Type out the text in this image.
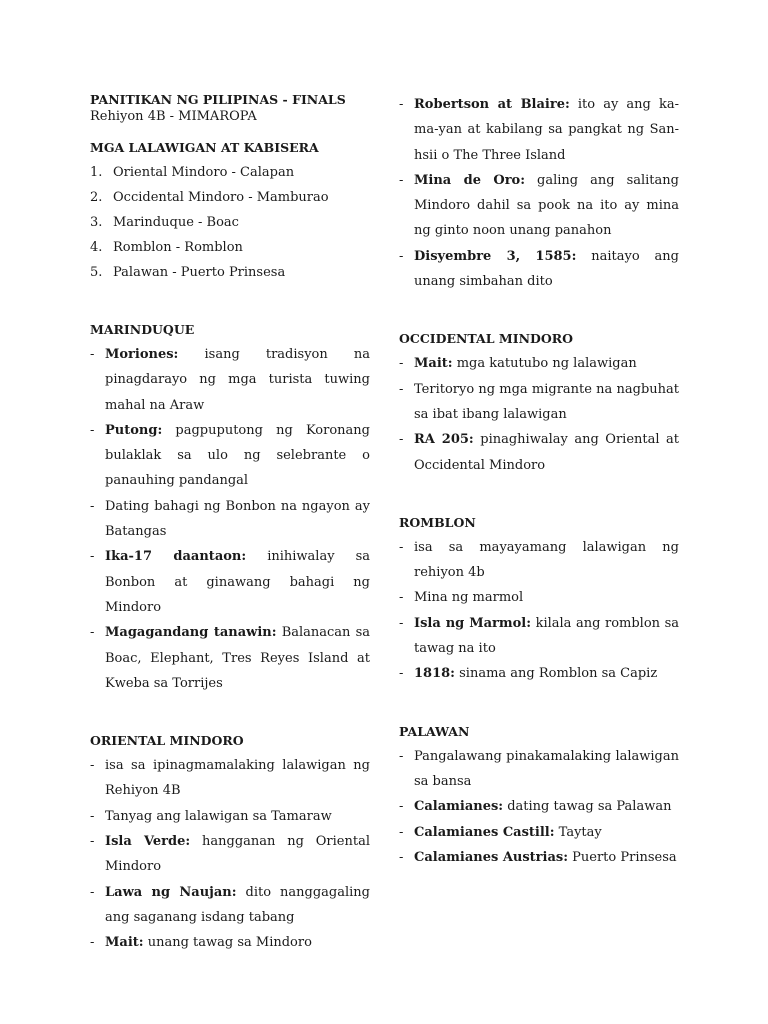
PANITIKAN NG PILIPINAS - FINALS
Rehiyon 4B - MIMAROPA
MGA LALAWIGAN AT KABISERA
1. Oriental Mindoro - Calapan
2. Occidental Mindoro - Mamburao
3. Marinduque - Boac
4. Romblon - Romblon
5. Palawan - Puerto Prinsesa
MARINDUQUE
- Moriones: isang tradisyon na pinagdarayo ng mga turista tuwing mahal na Araw
- Putong: pagpuputong ng Koronang bulaklak sa ulo ng selebrante o panauhing pandangal
- Dating bahagi ng Bonbon na ngayon ay Batangas
- Ika-17 daantaon: inihiwalay sa Bonbon at ginawang bahagi ng Mindoro
- Magagandang tanawin: Balanacan sa Boac, Elephant, Tres Reyes Island at Kweba sa Torrijes
ORIENTAL MINDORO
- isa sa ipinagmamalaking lalawigan ng Rehiyon 4B
- Tanyag ang lalawigan sa Tamaraw
- Isla Verde: hangganan ng Oriental Mindoro
- Lawa ng Naujan: dito nanggagaling ang saganang isdang tabang
- Mait: unang tawag sa Mindoro
- Robertson at Blaire: ito ay ang ka-ma-yan at kabilang sa pangkat ng San-hsii o The Three Island
- Mina de Oro: galing ang salitang Mindoro dahil sa pook na ito ay mina ng ginto noon unang panahon
- Disyembre 3, 1585: naitayo ang unang simbahan dito
OCCIDENTAL MINDORO
- Mait: mga katutubo ng lalawigan
- Teritoryo ng mga migrante na nagbuhat sa ibat ibang lalawigan
- RA 205: pinaghiwalay ang Oriental at Occidental Mindoro
ROMBLON
- isa sa mayayamang lalawigan ng rehiyon 4b
- Mina ng marmol
- Isla ng Marmol: kilala ang romblon sa tawag na ito
- 1818: sinama ang Romblon sa Capiz
PALAWAN
- Pangalawang pinakamalaking lalawigan sa bansa
- Calamianes: dating tawag sa Palawan
- Calamianes Castill: Taytay
- Calamianes Austrias: Puerto Prinsesa
